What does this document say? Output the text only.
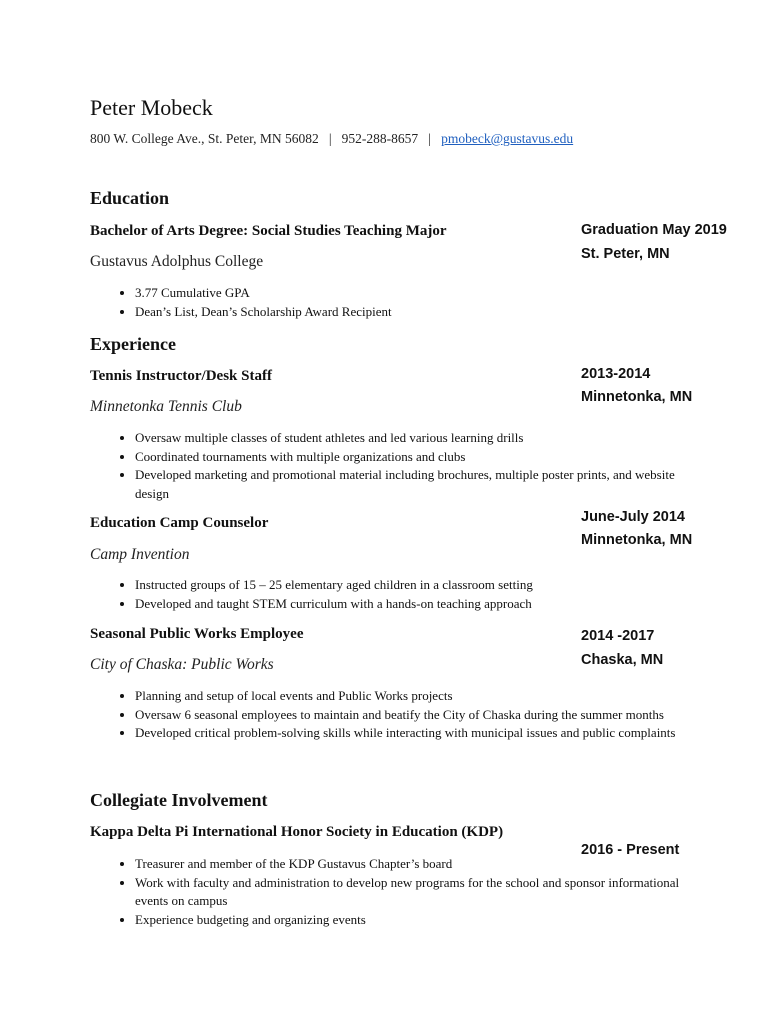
Peter Mobeck
800 W. College Ave., St. Peter, MN 56082 | 952-288-8657 | pmobeck@gustavus.edu
Education
Bachelor of Arts Degree: Social Studies Teaching Major	Graduation May 2019
St. Peter, MN
Gustavus Adolphus College
• 3.77 Cumulative GPA
• Dean’s List, Dean’s Scholarship Award Recipient
Experience
Tennis Instructor/Desk Staff	2013-2014
Minnetonka, MN
Minnetonka Tennis Club
• Oversaw multiple classes of student athletes and led various learning drills
• Coordinated tournaments with multiple organizations and clubs
• Developed marketing and promotional material including brochures, multiple poster prints, and website design
Education Camp Counselor	June-July 2014
Minnetonka, MN
Camp Invention
• Instructed groups of 15 – 25 elementary aged children in a classroom setting
• Developed and taught STEM curriculum with a hands-on teaching approach
Seasonal Public Works Employee	2014 -2017
Chaska, MN
City of Chaska: Public Works
• Planning and setup of local events and Public Works projects
• Oversaw 6 seasonal employees to maintain and beatify the City of Chaska during the summer months
• Developed critical problem-solving skills while interacting with municipal issues and public complaints
Collegiate Involvement
Kappa Delta Pi International Honor Society in Education (KDP)
2016 - Present
• Treasurer and member of the KDP Gustavus Chapter’s board
• Work with faculty and administration to develop new programs for the school and sponsor informational events on campus
• Experience budgeting and organizing events
